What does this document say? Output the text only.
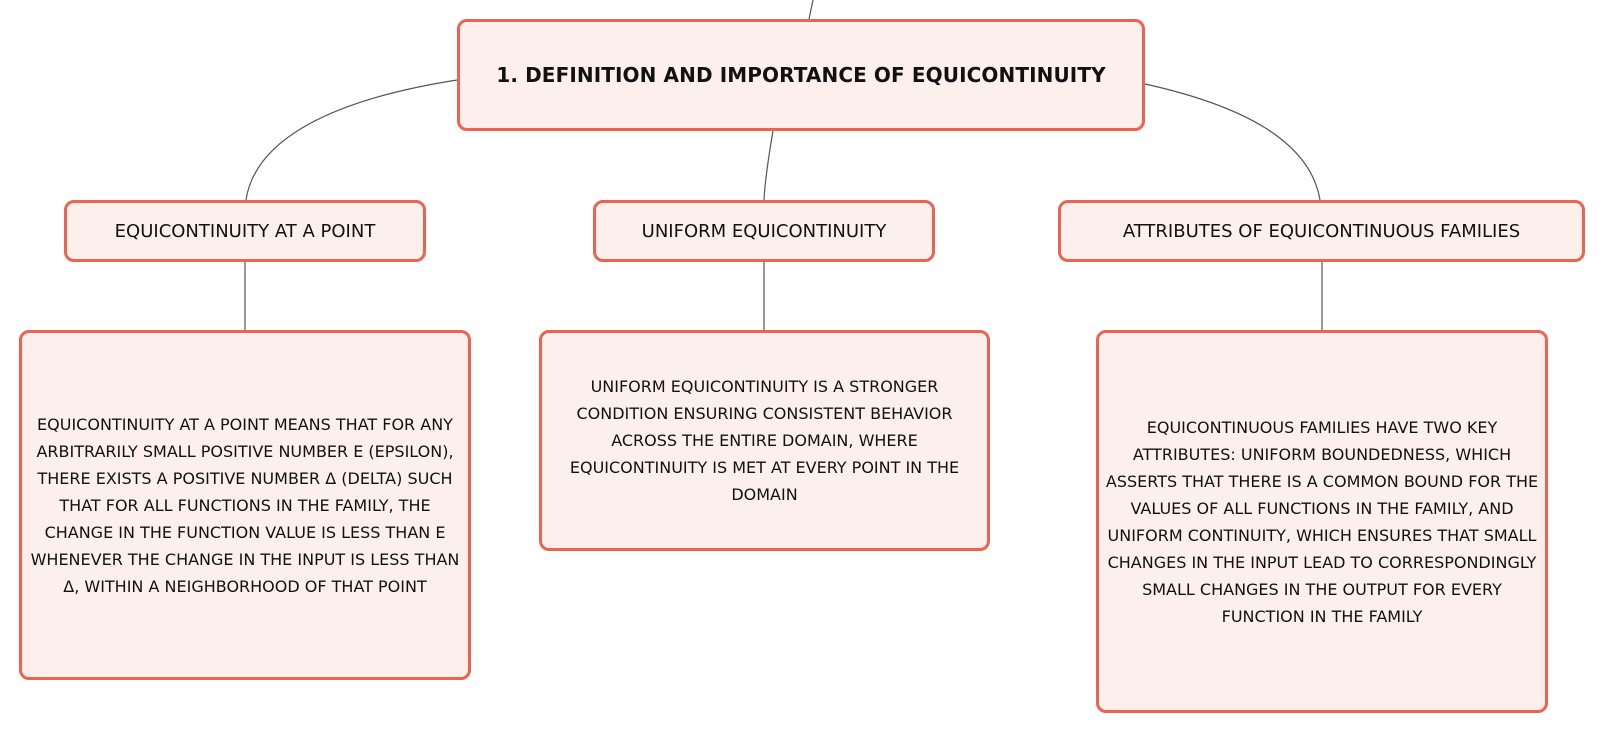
1. DEFINITION AND IMPORTANCE OF EQUICONTINUITY
EQUICONTINUITY AT A POINT	UNIFORM EQUICONTINUITY	ATTRIBUTES OF EQUICONTINUOUS FAMILIES
EQUICONTINUITY AT A POINT MEANS THAT FOR ANY ARBITRARILY SMALL POSITIVE NUMBER Ε (EPSILON), THERE EXISTS A POSITIVE NUMBER Δ (DELTA) SUCH THAT FOR ALL FUNCTIONS IN THE FAMILY, THE CHANGE IN THE FUNCTION VALUE IS LESS THAN Ε WHENEVER THE CHANGE IN THE INPUT IS LESS THAN Δ, WITHIN A NEIGHBORHOOD OF THAT POINT
UNIFORM EQUICONTINUITY IS A STRONGER CONDITION ENSURING CONSISTENT BEHAVIOR ACROSS THE ENTIRE DOMAIN, WHERE EQUICONTINUITY IS MET AT EVERY POINT IN THE DOMAIN
EQUICONTINUOUS FAMILIES HAVE TWO KEY ATTRIBUTES: UNIFORM BOUNDEDNESS, WHICH ASSERTS THAT THERE IS A COMMON BOUND FOR THE VALUES OF ALL FUNCTIONS IN THE FAMILY, AND UNIFORM CONTINUITY, WHICH ENSURES THAT SMALL CHANGES IN THE INPUT LEAD TO CORRESPONDINGLY SMALL CHANGES IN THE OUTPUT FOR EVERY FUNCTION IN THE FAMILY
